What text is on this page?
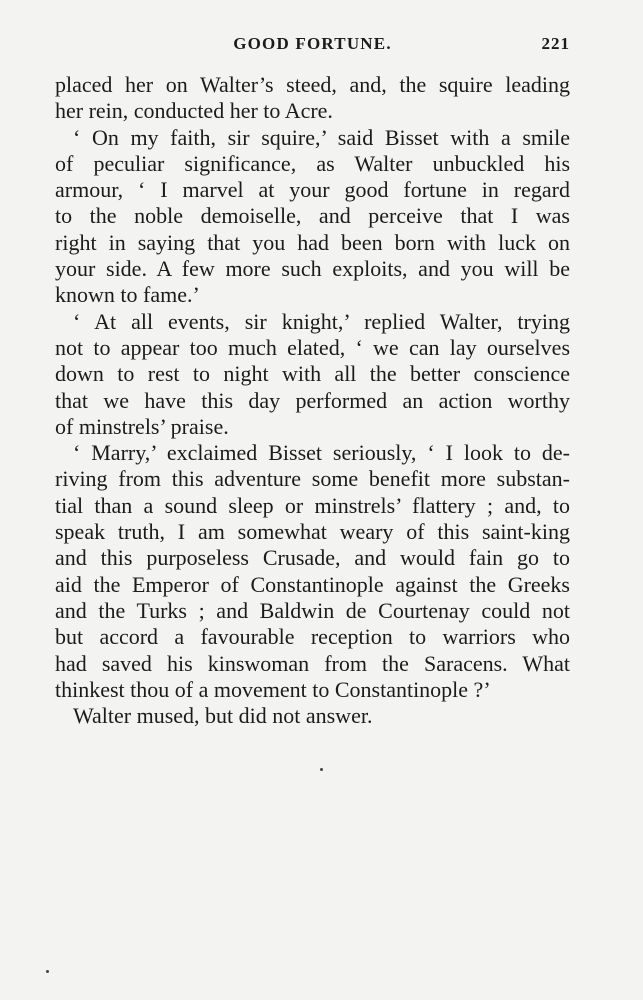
GOOD FORTUNE.	221
placed her on Walter’s steed, and, the squire leading
her rein, conducted her to Acre.
‘ On my faith, sir squire,’ said Bisset with a smile
of peculiar significance, as Walter unbuckled his
armour, ‘ I marvel at your good fortune in regard
to the noble demoiselle, and perceive that I was
right in saying that you had been born with luck on
your side. A few more such exploits, and you will be
known to fame.’
‘ At all events, sir knight,’ replied Walter, trying
not to appear too much elated, ‘ we can lay ourselves
down to rest to night with all the better conscience
that we have this day performed an action worthy
of minstrels’ praise.
‘ Marry,’ exclaimed Bisset seriously, ‘ I look to de-
riving from this adventure some benefit more substan-
tial than a sound sleep or minstrels’ flattery ; and, to
speak truth, I am somewhat weary of this saint-king
and this purposeless Crusade, and would fain go to
aid the Emperor of Constantinople against the Greeks
and the Turks ; and Baldwin de Courtenay could not
but accord a favourable reception to warriors who
had saved his kinswoman from the Saracens. What
thinkest thou of a movement to Constantinople ?’
Walter mused, but did not answer.
